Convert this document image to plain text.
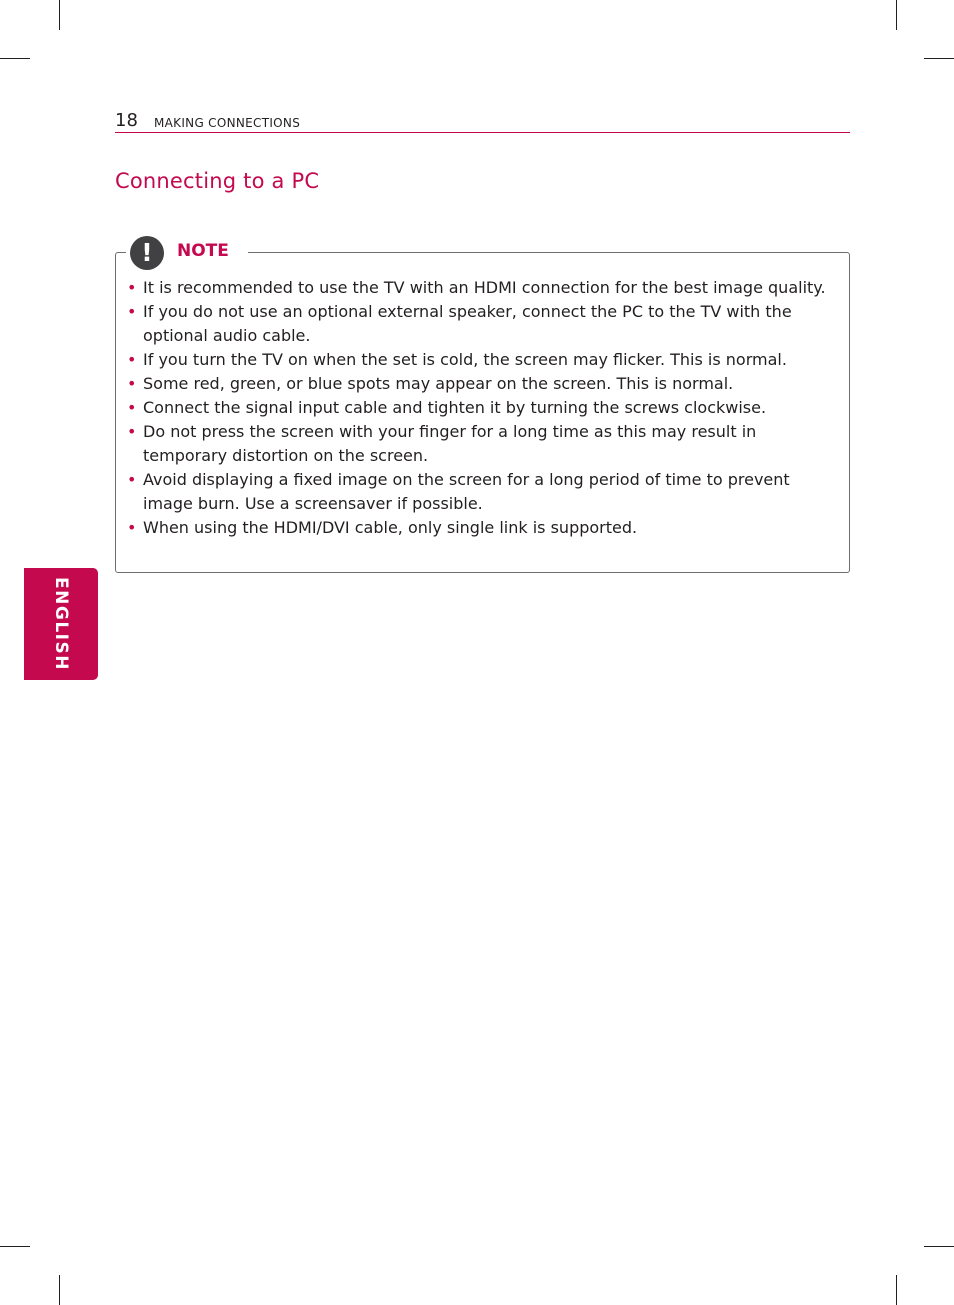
18 MAKING CONNECTIONS
Connecting to a PC
!	NOTE
• It is recommended to use the TV with an HDMI connection for the best image quality.
• If you do not use an optional external speaker, connect the PC to the TV with the optional audio cable.
• If you turn the TV on when the set is cold, the screen may flicker. This is normal.
• Some red, green, or blue spots may appear on the screen. This is normal.
• Connect the signal input cable and tighten it by turning the screws clockwise.
• Do not press the screen with your finger for a long time as this may result in temporary distortion on the screen.
• Avoid displaying a fixed image on the screen for a long period of time to prevent image burn. Use a screensaver if possible.
• When using the HDMI/DVI cable, only single link is supported.
ENGLISH
